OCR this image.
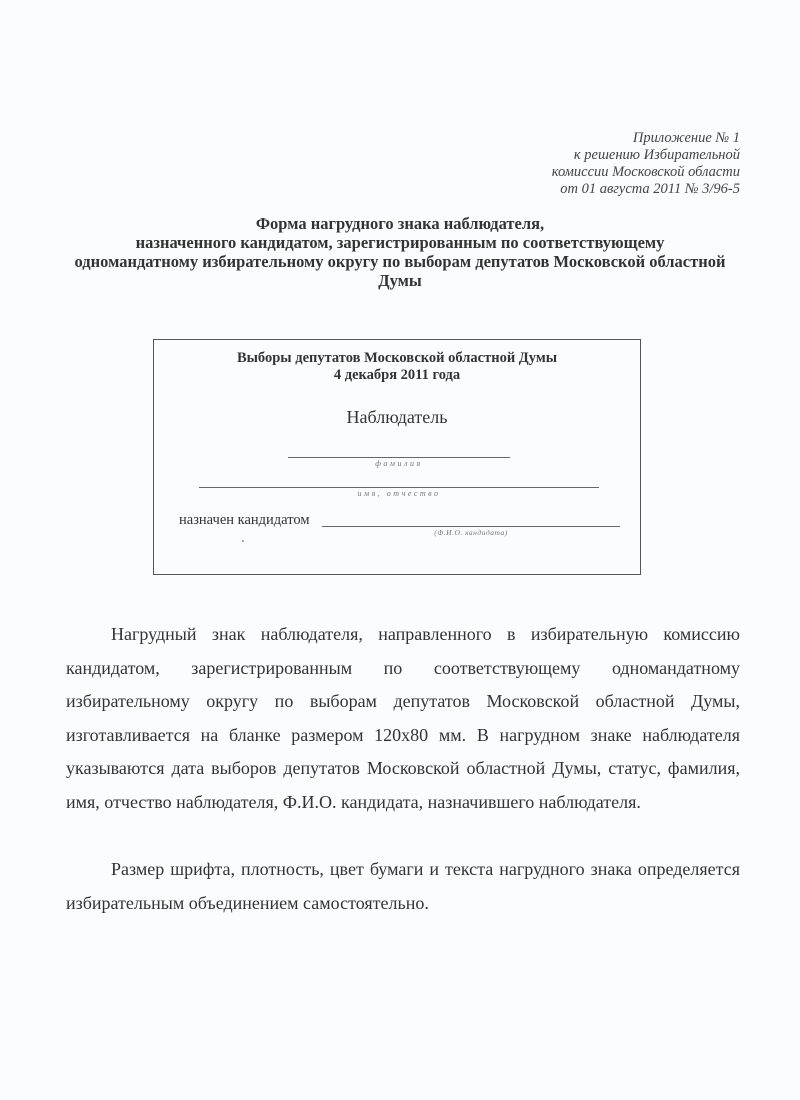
Приложение № 1
к решению Избирательной
комиссии Московской области
от 01 августа 2011 № 3/96-5
Форма нагрудного знака наблюдателя,
назначенного кандидатом, зарегистрированным по соответствующему
одномандатному избирательному округу по выборам депутатов Московской областной
Думы
Выборы депутатов Московской областной Думы
4 декабря 2011 года
Наблюдатель
фамилия
имя, отчество
назначен кандидатом
(Ф.И.О. кандидата)

Нагрудный знак наблюдателя, направленного в избирательную комиссию кандидатом, зарегистрированным по соответствующему одномандатному избирательному округу по выборам депутатов Московской областной Думы, изготавливается на бланке размером 120х80 мм. В нагрудном знаке наблюдателя указываются дата выборов депутатов Московской областной Думы, статус, фамилия, имя, отчество наблюдателя, Ф.И.О. кандидата, назначившего наблюдателя.

Размер шрифта, плотность, цвет бумаги и текста нагрудного знака определяется избирательным объединением самостоятельно.
